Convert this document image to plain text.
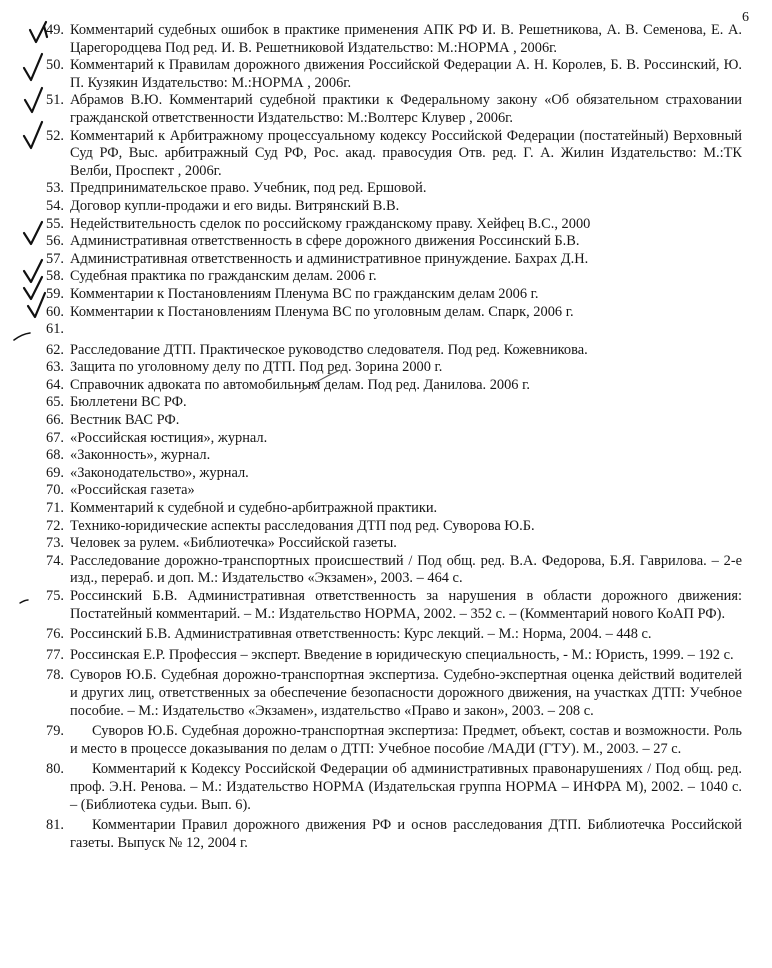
6
49. Комментарий судебных ошибок в практике применения АПК РФ И. В. Решетникова, А. В. Семенова, Е. А. Царегородцева Под ред. И. В. Решетниковой Издательство: М.:НОРМА , 2006г.
50. Комментарий к Правилам дорожного движения Российской Федерации А. Н. Королев, Б. В. Россинский, Ю. П. Кузякин Издательство: М.:НОРМА , 2006г.
51. Абрамов В.Ю. Комментарий судебной практики к Федеральному закону «Об обязательном страховании гражданской ответственности Издательство: М.:Волтерс Клувер , 2006г.
52. Комментарий к Арбитражному процессуальному кодексу Российской Федерации (постатейный) Верховный Суд РФ, Выс. арбитражный Суд РФ, Рос. акад. правосудия Отв. ред. Г. А. Жилин Издательство: М.:ТК Велби, Проспект , 2006г.
53. Предпринимательское право. Учебник, под ред. Ершовой.
54. Договор купли-продажи и его виды. Витрянский В.В.
55. Недействительность сделок по российскому гражданскому праву. Хейфец В.С., 2000
56. Административная ответственность в сфере дорожного движения Россинский Б.В.
57. Административная ответственность и административное принуждение. Бахрах Д.Н.
58. Судебная практика по гражданским делам. 2006 г.
59. Комментарии к Постановлениям Пленума ВС по гражданским делам 2006 г.
60. Комментарии к Постановлениям Пленума ВС по уголовным делам. Спарк, 2006 г.
61.
62. Расследование ДТП. Практическое руководство следователя. Под ред. Кожевникова.
63. Защита по уголовному делу по ДТП. Под ред. Зорина 2000 г.
64. Справочник адвоката по автомобильным делам. Под ред. Данилова. 2006 г.
65. Бюллетени ВС РФ.
66. Вестник ВАС РФ.
67. «Российская юстиция», журнал.
68. «Законность», журнал.
69. «Законодательство», журнал.
70. «Российская газета»
71. Комментарий к судебной и судебно-арбитражной практики.
72. Технико-юридические аспекты расследования ДТП под ред. Суворова Ю.Б.
73. Человек за рулем. «Библиотечка» Российской газеты.
74. Расследование дорожно-транспортных происшествий / Под общ. ред. В.А. Федорова, Б.Я. Гаврилова. – 2-е изд., перераб. и доп. М.: Издательство «Экзамен», 2003. – 464 с.
75. Россинский Б.В. Административная ответственность за нарушения в области дорожного движения: Постатейный комментарий. – М.: Издательство НОРМА, 2002. – 352 с. – (Комментарий нового КоАП РФ).
76. Россинский Б.В. Административная ответственность: Курс лекций. – М.: Норма, 2004. – 448 с.
77. Россинская Е.Р. Профессия – эксперт. Введение в юридическую специальность, - М.: Юристь, 1999. – 192 с.
78. Суворов Ю.Б. Судебная дорожно-транспортная экспертиза. Судебно-экспертная оценка действий водителей и других лиц, ответственных за обеспечение безопасности дорожного движения, на участках ДТП: Учебное пособие. – М.: Издательство «Экзамен», издательство «Право и закон», 2003. – 208 с.
79.	Суворов Ю.Б. Судебная дорожно-транспортная экспертиза: Предмет, объект, состав и возможности. Роль и место в процессе доказывания по делам о ДТП: Учебное пособие /МАДИ (ГТУ). М., 2003. – 27 с.
80.	Комментарий к Кодексу Российской Федерации об административных правонарушениях / Под общ. ред. проф. Э.Н. Ренова. – М.: Издательство НОРМА (Издательская группа НОРМА – ИНФРА М), 2002. – 1040 с. – (Библиотека судьи. Вып. 6).
81.	Комментарии Правил дорожного движения РФ и основ расследования ДТП. Библиотечка Российской газеты. Выпуск № 12, 2004 г.
